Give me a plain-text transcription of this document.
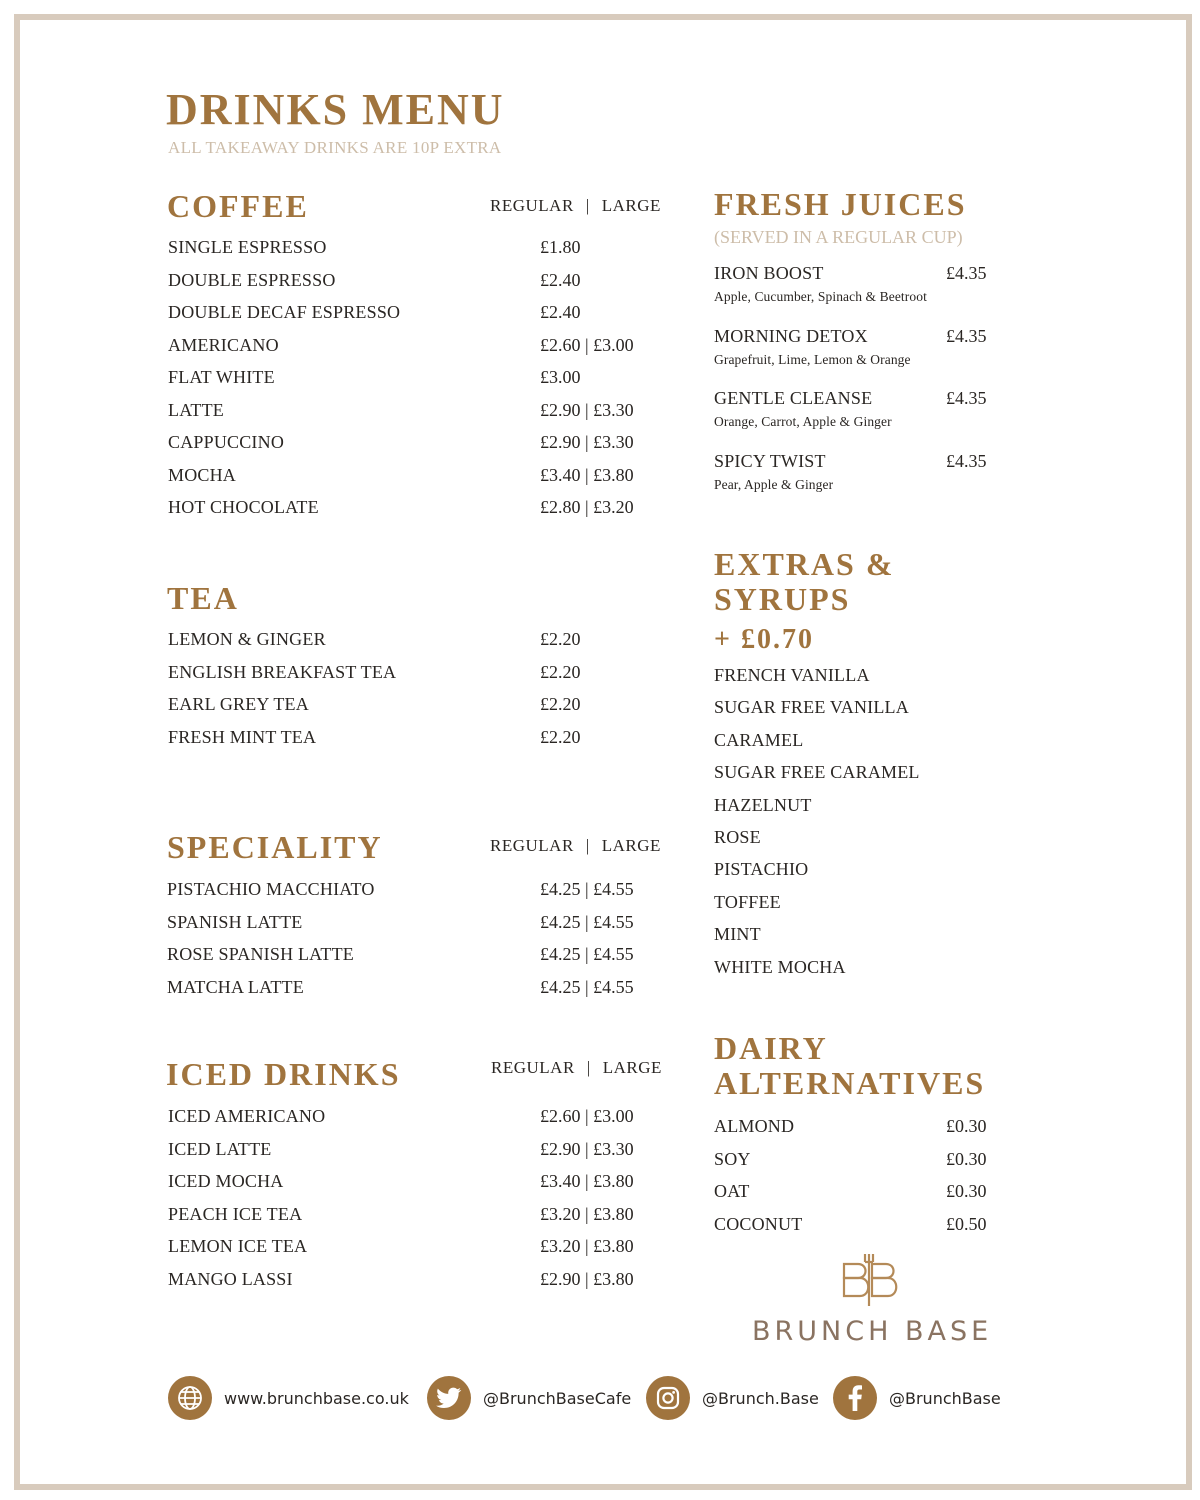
DRINKS MENU
ALL TAKEAWAY DRINKS ARE 10P EXTRA
COFFEE	REGULAR | LARGE
SINGLE ESPRESSO	£1.80
DOUBLE ESPRESSO	£2.40
DOUBLE DECAF ESPRESSO	£2.40
AMERICANO	£2.60 | £3.00
FLAT WHITE	£3.00
LATTE	£2.90 | £3.30
CAPPUCCINO	£2.90 | £3.30
MOCHA	£3.40 | £3.80
HOT CHOCOLATE	£2.80 | £3.20
TEA
LEMON & GINGER	£2.20
ENGLISH BREAKFAST TEA	£2.20
EARL GREY TEA	£2.20
FRESH MINT TEA	£2.20
SPECIALITY	REGULAR | LARGE
PISTACHIO MACCHIATO	£4.25 | £4.55
SPANISH LATTE	£4.25 | £4.55
ROSE SPANISH LATTE	£4.25 | £4.55
MATCHA LATTE	£4.25 | £4.55
ICED DRINKS	REGULAR | LARGE
ICED AMERICANO	£2.60 | £3.00
ICED LATTE	£2.90 | £3.30
ICED MOCHA	£3.40 | £3.80
PEACH ICE TEA	£3.20 | £3.80
LEMON ICE TEA	£3.20 | £3.80
MANGO LASSI	£2.90 | £3.80
FRESH JUICES
(SERVED IN A REGULAR CUP)
IRON BOOST	£4.35
Apple, Cucumber, Spinach & Beetroot
MORNING DETOX	£4.35
Grapefruit, Lime, Lemon & Orange
GENTLE CLEANSE	£4.35
Orange, Carrot, Apple & Ginger
SPICY TWIST	£4.35
Pear, Apple & Ginger
EXTRAS &
SYRUPS
+ £0.70
FRENCH VANILLA
SUGAR FREE VANILLA
CARAMEL
SUGAR FREE CARAMEL
HAZELNUT
ROSE
PISTACHIO
TOFFEE
MINT
WHITE MOCHA
DAIRY
ALTERNATIVES
ALMOND	£0.30
SOY	£0.30
OAT	£0.30
COCONUT	£0.50
BRUNCH BASE
www.brunchbase.co.uk	@BrunchBaseCafe	@Brunch.Base	@BrunchBase
